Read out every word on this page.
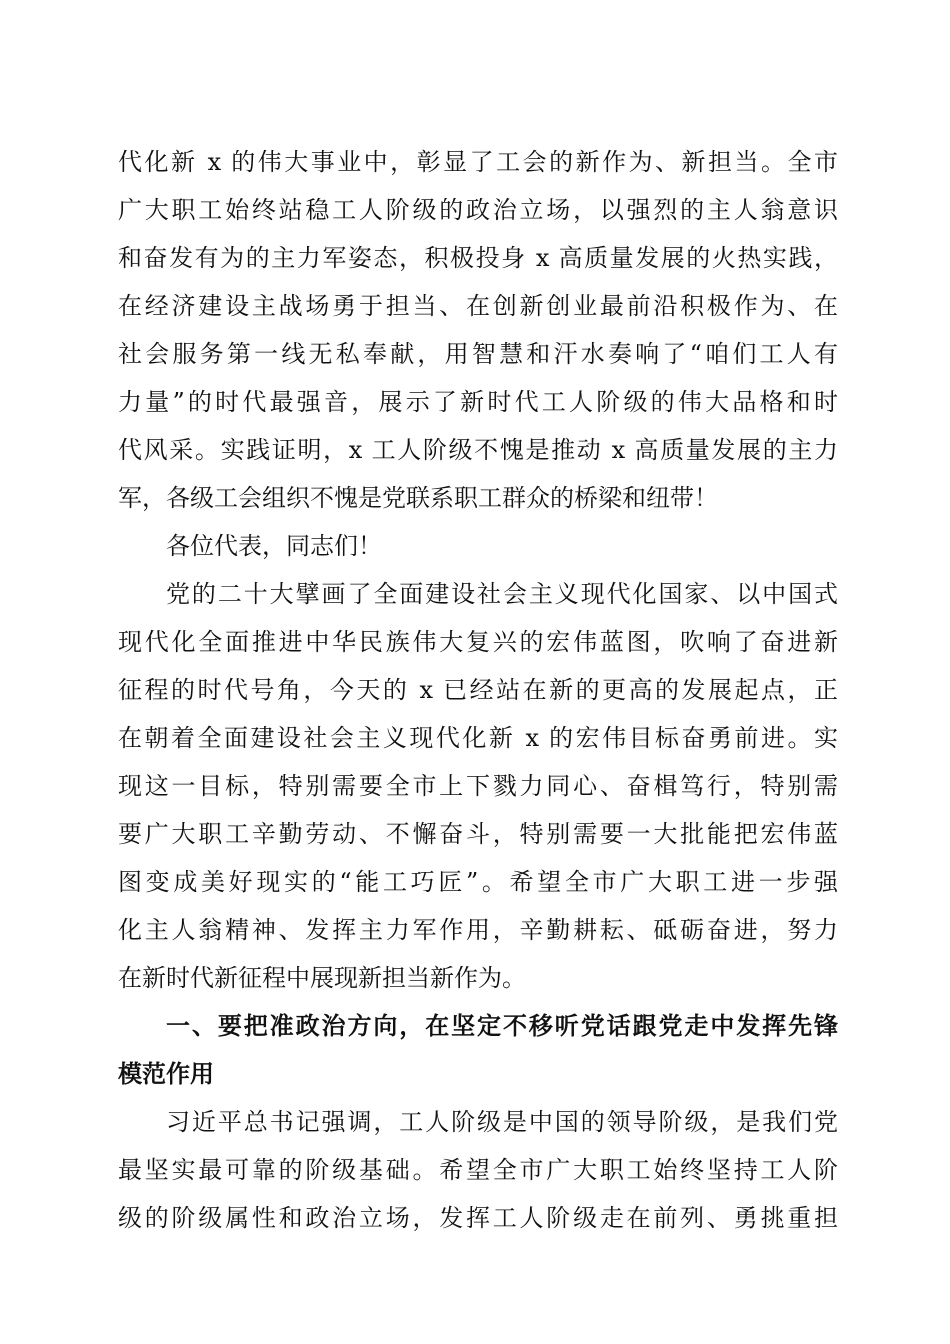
代化新 x 的伟大事业中，彰显了工会的新作为、新担当。全市
广大职工始终站稳工人阶级的政治立场，以强烈的主人翁意识
和奋发有为的主力军姿态，积极投身 x 高质量发展的火热实践，
在经济建设主战场勇于担当、在创新创业最前沿积极作为、在
社会服务第一线无私奉献，用智慧和汗水奏响了“咱们工人有
力量”的时代最强音，展示了新时代工人阶级的伟大品格和时
代风采。实践证明，x 工人阶级不愧是推动 x 高质量发展的主力
军，各级工会组织不愧是党联系职工群众的桥梁和纽带！
各位代表，同志们！
党的二十大擘画了全面建设社会主义现代化国家、以中国式
现代化全面推进中华民族伟大复兴的宏伟蓝图，吹响了奋进新
征程的时代号角，今天的 x 已经站在新的更高的发展起点，正
在朝着全面建设社会主义现代化新 x 的宏伟目标奋勇前进。实
现这一目标，特别需要全市上下戮力同心、奋楫笃行，特别需
要广大职工辛勤劳动、不懈奋斗，特别需要一大批能把宏伟蓝
图变成美好现实的“能工巧匠”。希望全市广大职工进一步强
化主人翁精神、发挥主力军作用，辛勤耕耘、砥砺奋进，努力
在新时代新征程中展现新担当新作为。
一、要把准政治方向，在坚定不移听党话跟党走中发挥先锋
模范作用
习近平总书记强调，工人阶级是中国的领导阶级，是我们党
最坚实最可靠的阶级基础。希望全市广大职工始终坚持工人阶
级的阶级属性和政治立场，发挥工人阶级走在前列、勇挑重担
